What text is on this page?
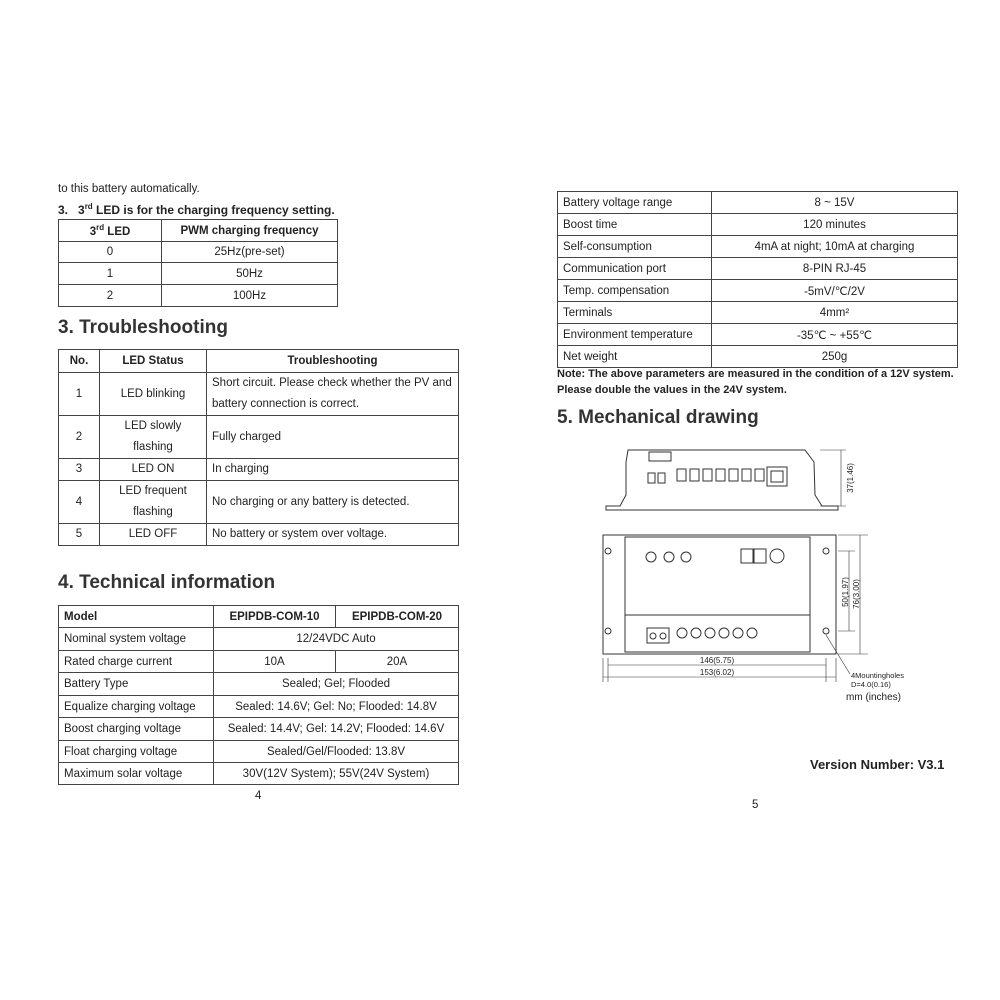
to this battery automatically.
3.   3rd LED is for the charging frequency setting.
3rd LED	PWM charging frequency
0	25Hz(pre-set)
1	50Hz
2	100Hz
3. Troubleshooting
No.	LED Status	Troubleshooting
1	LED blinking	Short circuit. Please check whether the PV and battery connection is correct.
2	LED slowly flashing	Fully charged
3	LED ON	In charging
4	LED frequent flashing	No charging or any battery is detected.
5	LED OFF	No battery or system over voltage.
4. Technical information
Model	EPIPDB-COM-10	EPIPDB-COM-20
Nominal system voltage	12/24VDC Auto	
Rated charge current	10A	20A
Battery Type	Sealed; Gel; Flooded	
Equalize charging voltage	Sealed: 14.6V; Gel: No; Flooded: 14.8V	
Boost charging voltage	Sealed: 14.4V; Gel: 14.2V; Flooded: 14.6V	
Float charging voltage	Sealed/Gel/Flooded: 13.8V	
Maximum solar voltage	30V(12V System); 55V(24V System)	
4
Battery voltage range	8 ~ 15V
Boost time	120 minutes
Self-consumption	4mA at night; 10mA at charging
Communication port	8-PIN RJ-45
Temp. compensation	-5mV/℃/2V
Terminals	4mm²
Environment temperature	-35℃ ~ +55℃
Net weight	250g
Note: The above parameters are measured in the condition of a 12V system. Please double the values in the 24V system.
5. Mechanical drawing
37(1.46)
50(1.97) 76(3.00)
146(5.75)
153(6.02)	4Mountingholes
D=4.0(0.16)
mm (inches)
Version Number: V3.1
5
